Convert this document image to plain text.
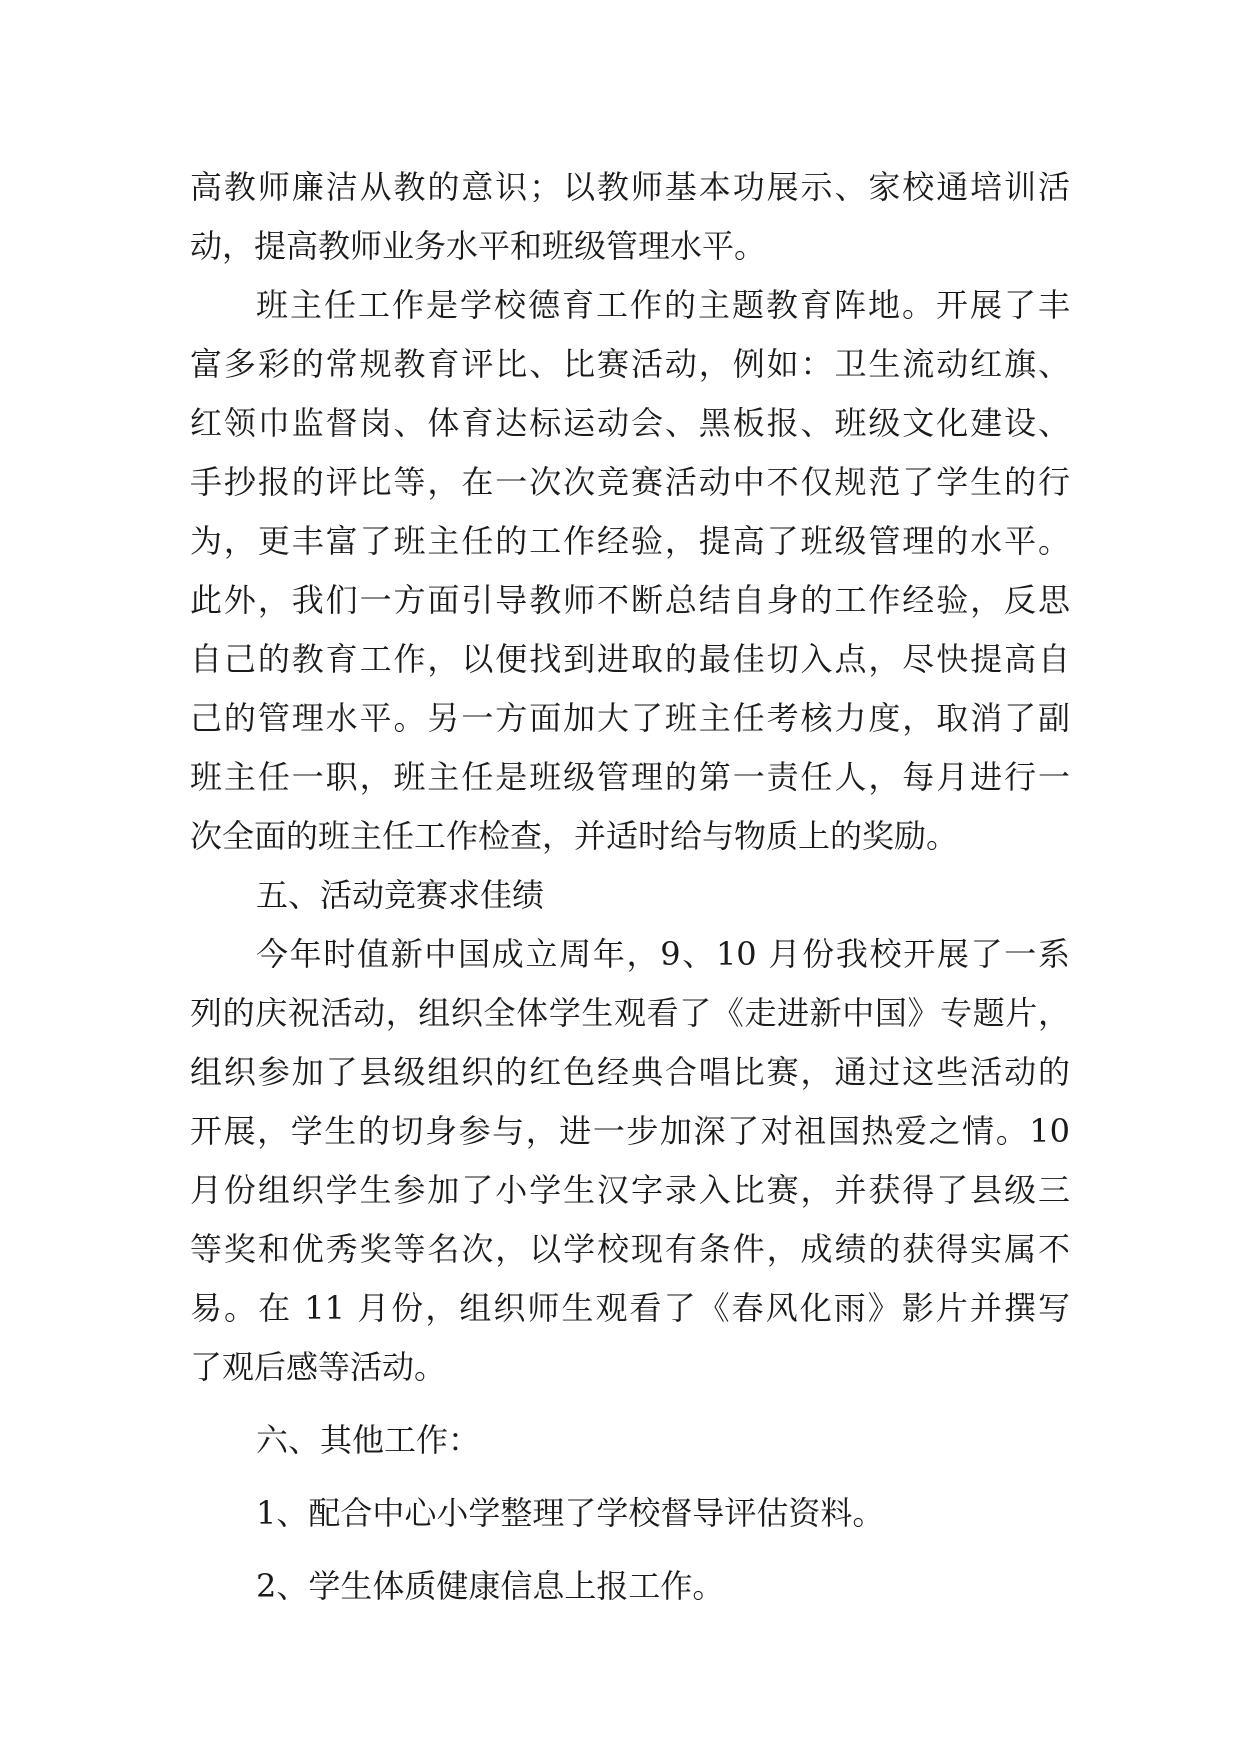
高教师廉洁从教的意识；以教师基本功展示、家校通培训活
动，提高教师业务水平和班级管理水平。
班主任工作是学校德育工作的主题教育阵地。开展了丰
富多彩的常规教育评比、比赛活动，例如：卫生流动红旗、
红领巾监督岗、体育达标运动会、黑板报、班级文化建设、
手抄报的评比等，在一次次竞赛活动中不仅规范了学生的行
为，更丰富了班主任的工作经验，提高了班级管理的水平。
此外，我们一方面引导教师不断总结自身的工作经验，反思
自己的教育工作，以便找到进取的最佳切入点，尽快提高自
己的管理水平。另一方面加大了班主任考核力度，取消了副
班主任一职，班主任是班级管理的第一责任人，每月进行一
次全面的班主任工作检查，并适时给与物质上的奖励。
五、活动竞赛求佳绩
今年时值新中国成立周年，9、10 月份我校开展了一系
列的庆祝活动，组织全体学生观看了《走进新中国》专题片，
组织参加了县级组织的红色经典合唱比赛，通过这些活动的
开展，学生的切身参与，进一步加深了对祖国热爱之情。10
月份组织学生参加了小学生汉字录入比赛，并获得了县级三
等奖和优秀奖等名次，以学校现有条件，成绩的获得实属不
易。在 11 月份，组织师生观看了《春风化雨》影片并撰写
了观后感等活动。
六、其他工作：
1、配合中心小学整理了学校督导评估资料。
2、学生体质健康信息上报工作。
